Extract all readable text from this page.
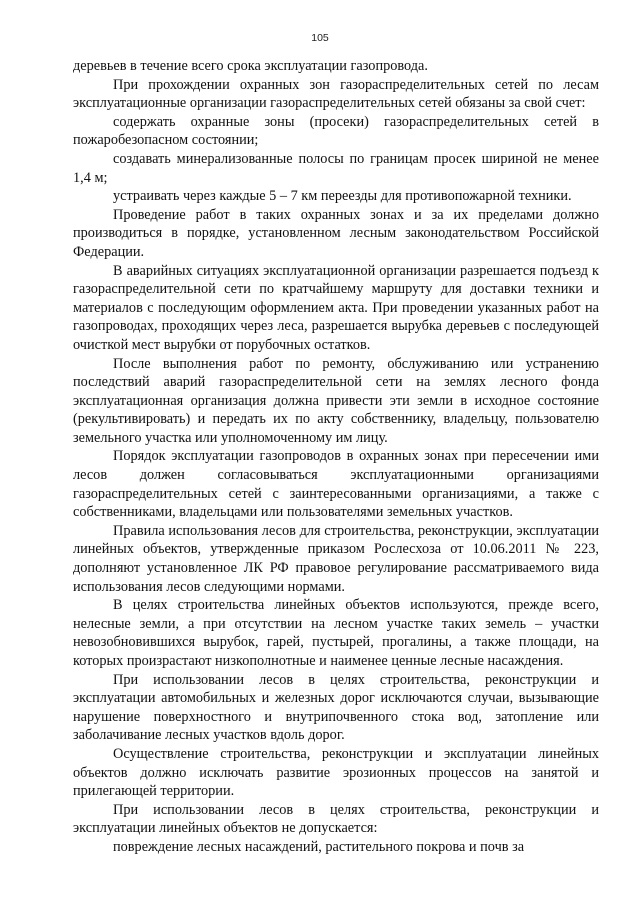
105

деревьев в течение всего срока эксплуатации газопровода.

При прохождении охранных зон газораспределительных сетей по лесам эксплуатационные организации газораспределительных сетей обязаны за свой счет:

содержать охранные зоны (просеки) газораспределительных сетей в пожаробезопасном состоянии;

создавать минерализованные полосы по границам просек шириной не менее 1,4 м;

устраивать через каждые 5 – 7 км переезды для противопожарной техники.

Проведение работ в таких охранных зонах и за их пределами должно производиться в порядке, установленном лесным законодательством Российской Федерации.

В аварийных ситуациях эксплуатационной организации разрешается подъезд к газораспределительной сети по кратчайшему маршруту для доставки техники и материалов с последующим оформлением акта. При проведении указанных работ на газопроводах, проходящих через леса, разрешается вырубка деревьев с последующей очисткой мест вырубки от порубочных остатков.

После выполнения работ по ремонту, обслуживанию или устранению последствий аварий газораспределительной сети на землях лесного фонда эксплуатационная организация должна привести эти земли в исходное состояние (рекультивировать) и передать их по акту собственнику, владельцу, пользователю земельного участка или уполномоченному им лицу.

Порядок эксплуатации газопроводов в охранных зонах при пересечении ими лесов должен согласовываться эксплуатационными организациями газораспределительных сетей с заинтересованными организациями, а также с собственниками, владельцами или пользователями земельных участков.

Правила использования лесов для строительства, реконструкции, эксплуатации линейных объектов, утвержденные приказом Рослесхоза от 10.06.2011 № 223, дополняют установленное ЛК РФ правовое регулирование рассматриваемого вида использования лесов следующими нормами.

В целях строительства линейных объектов используются, прежде всего, нелесные земли, а при отсутствии на лесном участке таких земель – участки невозобновившихся вырубок, гарей, пустырей, прогалины, а также площади, на которых произрастают низкополнотные и наименее ценные лесные насаждения.

При использовании лесов в целях строительства, реконструкции и эксплуатации автомобильных и железных дорог исключаются случаи, вызывающие нарушение поверхностного и внутрипочвенного стока вод, затопление или заболачивание лесных участков вдоль дорог.

Осуществление строительства, реконструкции и эксплуатации линейных объектов должно исключать развитие эрозионных процессов на занятой и прилегающей территории.

При использовании лесов в целях строительства, реконструкции и эксплуатации линейных объектов не допускается:

повреждение лесных насаждений, растительного покрова и почв за
